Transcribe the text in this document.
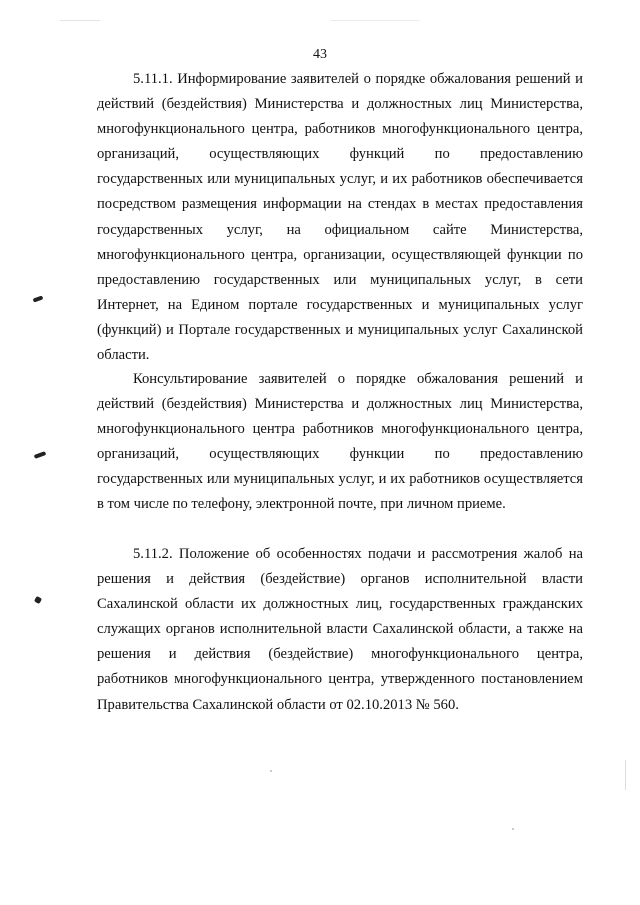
43

5.11.1. Информирование заявителей о порядке обжалования решений и действий (бездействия) Министерства и должностных лиц Министерства, многофункционального центра, работников многофункционального центра, организаций, осуществляющих функций по предоставлению государственных или муниципальных услуг, и их работников обеспечивается посредством размещения информации на стендах в местах предоставления государственных услуг, на официальном сайте Министерства, многофункционального центра, организации, осуществляющей функции по предоставлению государственных или муниципальных услуг, в сети Интернет, на Едином портале государственных и муниципальных услуг (функций) и Портале государственных и муниципальных услуг Сахалинской области.

Консультирование заявителей о порядке обжалования решений и действий (бездействия) Министерства и должностных лиц Министерства, многофункционального центра работников многофункционального центра, организаций, осуществляющих функции по предоставлению государственных или муниципальных услуг, и их работников осуществляется в том числе по телефону, электронной почте, при личном приеме.

5.11.2. Положение об особенностях подачи и рассмотрения жалоб на решения и действия (бездействие) органов исполнительной власти Сахалинской области их должностных лиц, государственных гражданских служащих органов исполнительной власти Сахалинской области, а также на решения и действия (бездействие) многофункционального центра, работников многофункционального центра, утвержденного постановлением Правительства Сахалинской области от 02.10.2013 № 560.
